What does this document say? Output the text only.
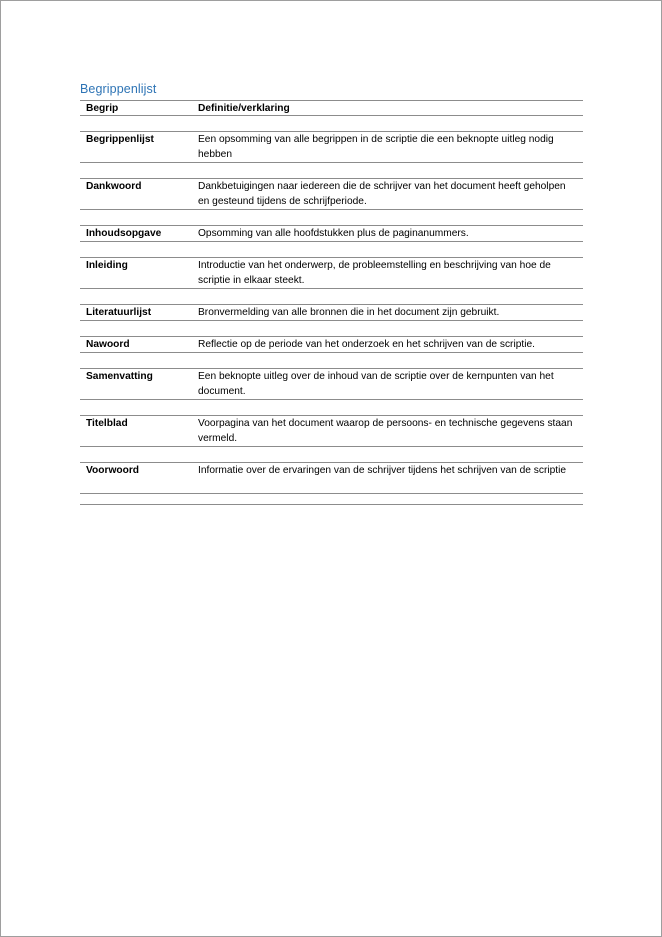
Begrippenlijst
Begrip	Definitie/verklaring
Begrippenlijst	Een opsomming van alle begrippen in de scriptie die een beknopte uitleg nodig hebben
Dankwoord	Dankbetuigingen naar iedereen die de schrijver van het document heeft geholpen en gesteund tijdens de schrijfperiode.
Inhoudsopgave	Opsomming van alle hoofdstukken plus de paginanummers.
Inleiding	Introductie van het onderwerp, de probleemstelling en beschrijving van hoe de scriptie in elkaar steekt.
Literatuurlijst	Bronvermelding van alle bronnen die in het document zijn gebruikt.
Nawoord	Reflectie op de periode van het onderzoek en het schrijven van de scriptie.
Samenvatting	Een beknopte uitleg over de inhoud van de scriptie over de kernpunten van het document.
Titelblad	Voorpagina van het document waarop de persoons- en technische gegevens staan vermeld.
Voorwoord	Informatie over de ervaringen van de schrijver tijdens het schrijven van de scriptie
